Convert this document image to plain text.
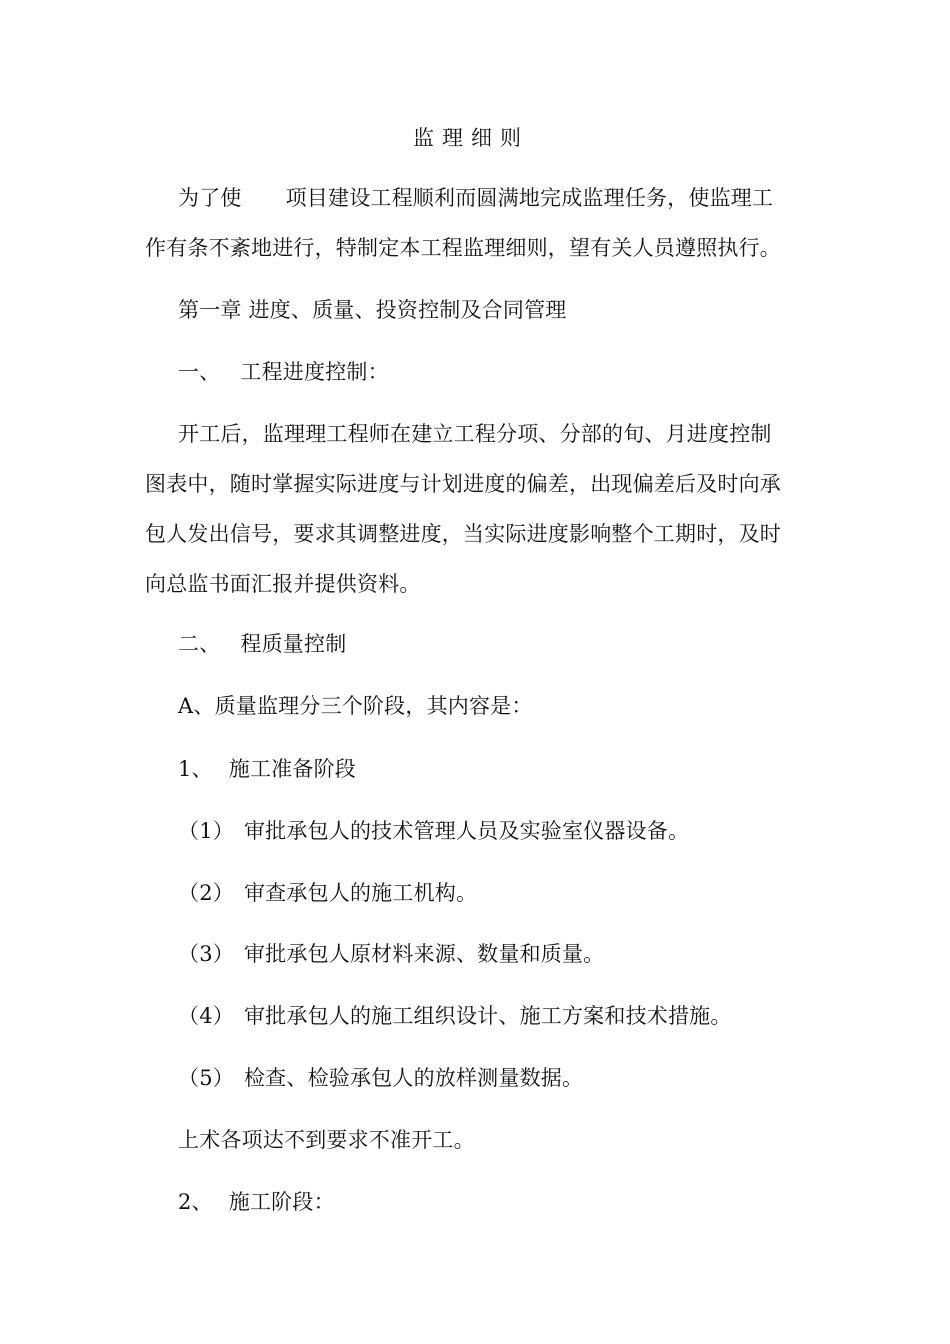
监理细则
为了使 项目建设工程顺利而圆满地完成监理任务，使监理工
作有条不紊地进行，特制定本工程监理细则，望有关人员遵照执行。
第一章 进度、质量、投资控制及合同管理
一、 工程进度控制：
开工后，监理理工程师在建立工程分项、分部的旬、月进度控制
图表中，随时掌握实际进度与计划进度的偏差，出现偏差后及时向承
包人发出信号，要求其调整进度，当实际进度影响整个工期时，及时
向总监书面汇报并提供资料。
二、 程质量控制
A、质量监理分三个阶段，其内容是：
1、 施工准备阶段
（1） 审批承包人的技术管理人员及实验室仪器设备。
（2） 审查承包人的施工机构。
（3） 审批承包人原材料来源、数量和质量。
（4） 审批承包人的施工组织设计、施工方案和技术措施。
（5） 检查、检验承包人的放样测量数据。
上术各项达不到要求不准开工。
2、 施工阶段：
